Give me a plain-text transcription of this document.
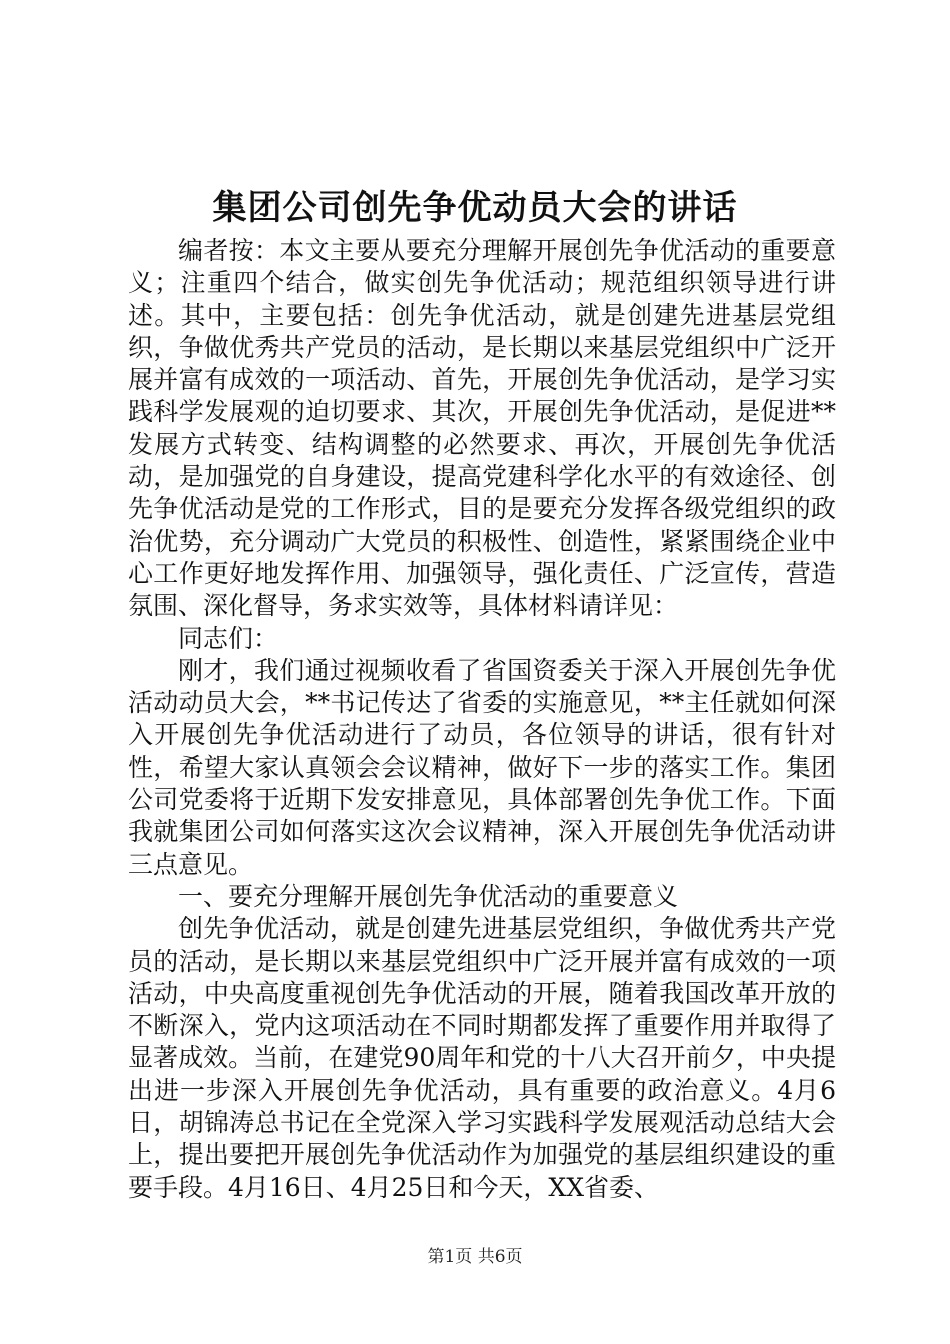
集团公司创先争优动员大会的讲话

编者按：本文主要从要充分理解开展创先争优活动的重要意义；注重四个结合，做实创先争优活动；规范组织领导进行讲述。其中，主要包括：创先争优活动，就是创建先进基层党组织，争做优秀共产党员的活动，是长期以来基层党组织中广泛开展并富有成效的一项活动、首先，开展创先争优活动，是学习实践科学发展观的迫切要求、其次，开展创先争优活动，是促进**发展方式转变、结构调整的必然要求、再次，开展创先争优活动，是加强党的自身建设，提高党建科学化水平的有效途径、创先争优活动是党的工作形式，目的是要充分发挥各级党组织的政治优势，充分调动广大党员的积极性、创造性，紧紧围绕企业中心工作更好地发挥作用、加强领导，强化责任、广泛宣传，营造氛围、深化督导，务求实效等，具体材料请详见：

同志们：

刚才，我们通过视频收看了省国资委关于深入开展创先争优活动动员大会，**书记传达了省委的实施意见，**主任就如何深入开展创先争优活动进行了动员，各位领导的讲话，很有针对性，希望大家认真领会会议精神，做好下一步的落实工作。集团公司党委将于近期下发安排意见，具体部署创先争优工作。下面我就集团公司如何落实这次会议精神，深入开展创先争优活动讲三点意见。

一、要充分理解开展创先争优活动的重要意义

创先争优活动，就是创建先进基层党组织，争做优秀共产党员的活动，是长期以来基层党组织中广泛开展并富有成效的一项活动，中央高度重视创先争优活动的开展，随着我国改革开放的不断深入，党内这项活动在不同时期都发挥了重要作用并取得了显著成效。当前，在建党90周年和党的十八大召开前夕，中央提出进一步深入开展创先争优活动，具有重要的政治意义。4月6日，胡锦涛总书记在全党深入学习实践科学发展观活动总结大会上，提出要把开展创先争优活动作为加强党的基层组织建设的重要手段。4月16日、4月25日和今天，XX省委、

第1页 共6页
